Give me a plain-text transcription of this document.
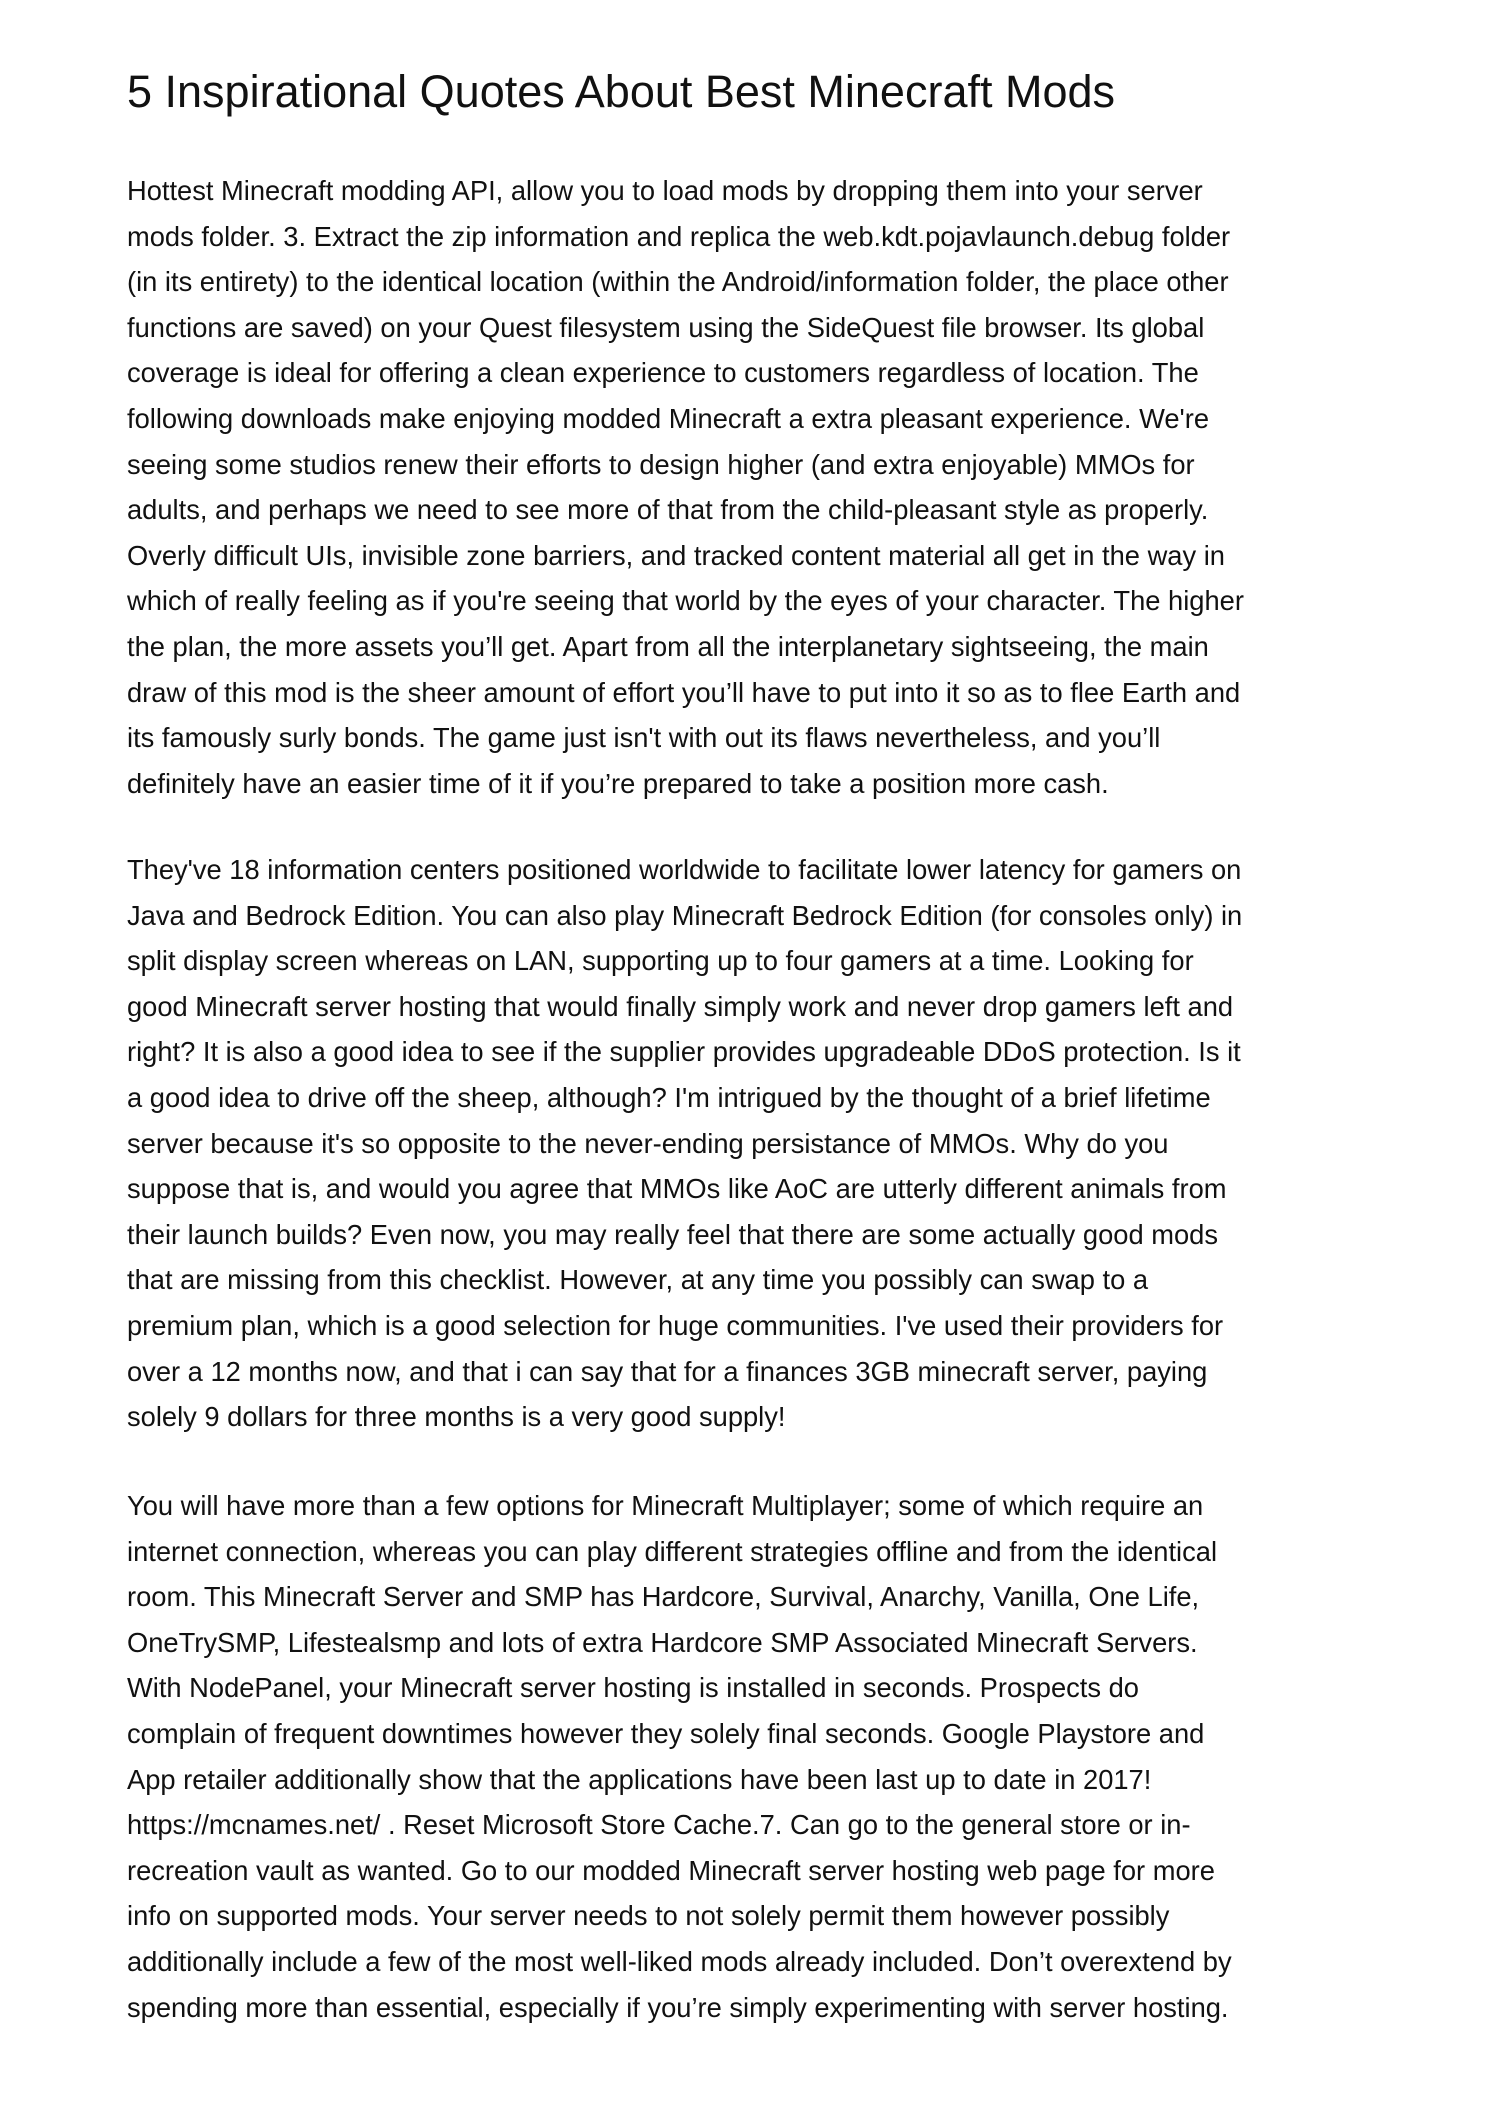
5 Inspirational Quotes About Best Minecraft Mods

Hottest Minecraft modding API, allow you to load mods by dropping them into your server
mods folder. 3. Extract the zip information and replica the web.kdt.pojavlaunch.debug folder
(in its entirety) to the identical location (within the Android/information folder, the place other
functions are saved) on your Quest filesystem using the SideQuest file browser. Its global
coverage is ideal for offering a clean experience to customers regardless of location. The
following downloads make enjoying modded Minecraft a extra pleasant experience. We're
seeing some studios renew their efforts to design higher (and extra enjoyable) MMOs for
adults, and perhaps we need to see more of that from the child-pleasant style as properly.
Overly difficult UIs, invisible zone barriers, and tracked content material all get in the way in
which of really feeling as if you're seeing that world by the eyes of your character. The higher
the plan, the more assets you’ll get. Apart from all the interplanetary sightseeing, the main
draw of this mod is the sheer amount of effort you’ll have to put into it so as to flee Earth and
its famously surly bonds. The game just isn't with out its flaws nevertheless, and you’ll
definitely have an easier time of it if you’re prepared to take a position more cash.

They've 18 information centers positioned worldwide to facilitate lower latency for gamers on
Java and Bedrock Edition. You can also play Minecraft Bedrock Edition (for consoles only) in
split display screen whereas on LAN, supporting up to four gamers at a time. Looking for
good Minecraft server hosting that would finally simply work and never drop gamers left and
right? It is also a good idea to see if the supplier provides upgradeable DDoS protection. Is it
a good idea to drive off the sheep, although? I'm intrigued by the thought of a brief lifetime
server because it's so opposite to the never-ending persistance of MMOs. Why do you
suppose that is, and would you agree that MMOs like AoC are utterly different animals from
their launch builds? Even now, you may really feel that there are some actually good mods
that are missing from this checklist. However, at any time you possibly can swap to a
premium plan, which is a good selection for huge communities. I've used their providers for
over a 12 months now, and that i can say that for a finances 3GB minecraft server, paying
solely 9 dollars for three months is a very good supply!

You will have more than a few options for Minecraft Multiplayer; some of which require an
internet connection, whereas you can play different strategies offline and from the identical
room. This Minecraft Server and SMP has Hardcore, Survival, Anarchy, Vanilla, One Life,
OneTrySMP, Lifestealsmp and lots of extra Hardcore SMP Associated Minecraft Servers.
With NodePanel, your Minecraft server hosting is installed in seconds. Prospects do
complain of frequent downtimes however they solely final seconds. Google Playstore and
App retailer additionally show that the applications have been last up to date in 2017!
https://mcnames.net/ . Reset Microsoft Store Cache.7. Can go to the general store or in-
recreation vault as wanted. Go to our modded Minecraft server hosting web page for more
info on supported mods. Your server needs to not solely permit them however possibly
additionally include a few of the most well-liked mods already included. Don’t overextend by
spending more than essential, especially if you’re simply experimenting with server hosting.
